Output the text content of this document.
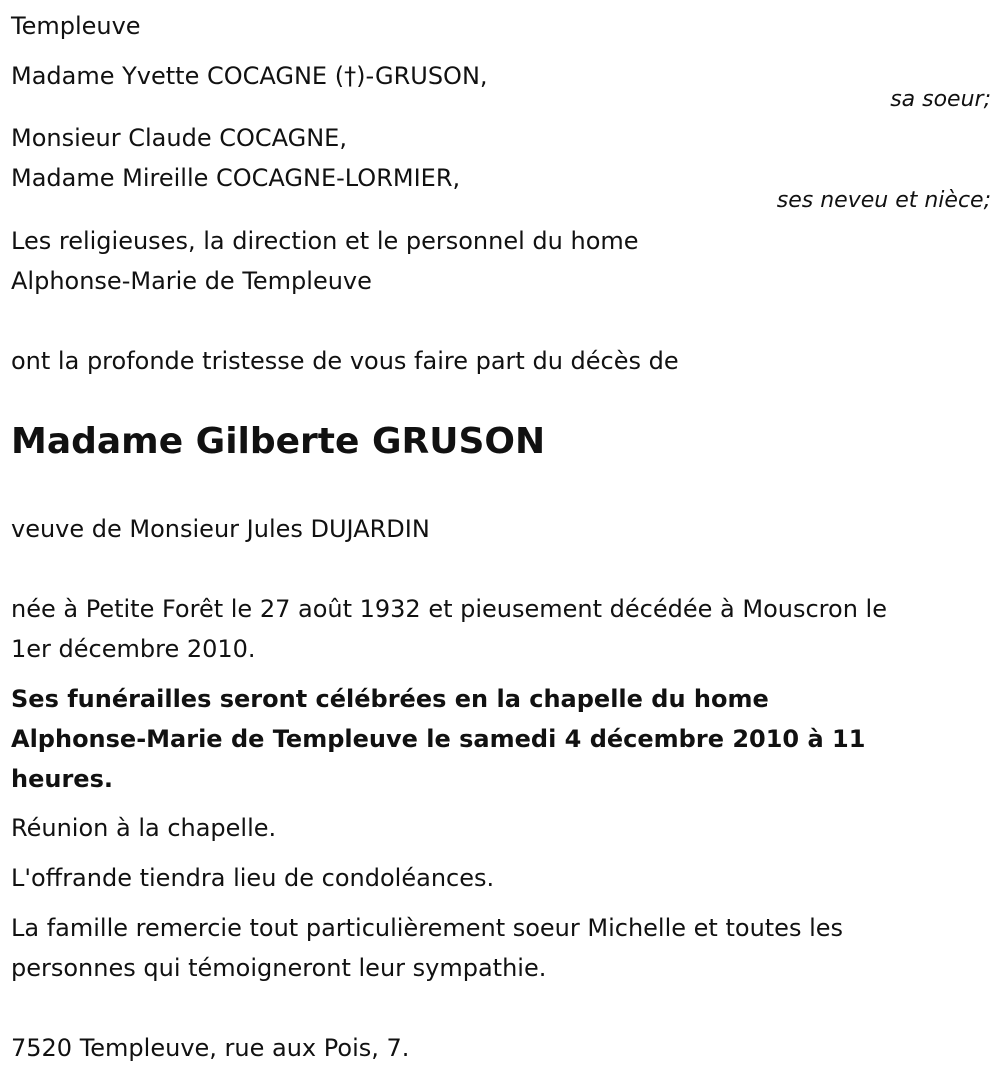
Templeuve
Madame Yvette COCAGNE (†)-GRUSON,
sa soeur;
Monsieur Claude COCAGNE,
Madame Mireille COCAGNE-LORMIER,
ses neveu et nièce;
Les religieuses, la direction et le personnel du home
Alphonse-Marie de Templeuve
ont la profonde tristesse de vous faire part du décès de
Madame Gilberte GRUSON
veuve de Monsieur Jules DUJARDIN
née à Petite Forêt le 27 août 1932 et pieusement décédée à Mouscron le
1er décembre 2010.
Ses funérailles seront célébrées en la chapelle du home
Alphonse-Marie de Templeuve le samedi 4 décembre 2010 à 11
heures.
Réunion à la chapelle.
L'offrande tiendra lieu de condoléances.
La famille remercie tout particulièrement soeur Michelle et toutes les
personnes qui témoigneront leur sympathie.
7520 Templeuve, rue aux Pois, 7.
